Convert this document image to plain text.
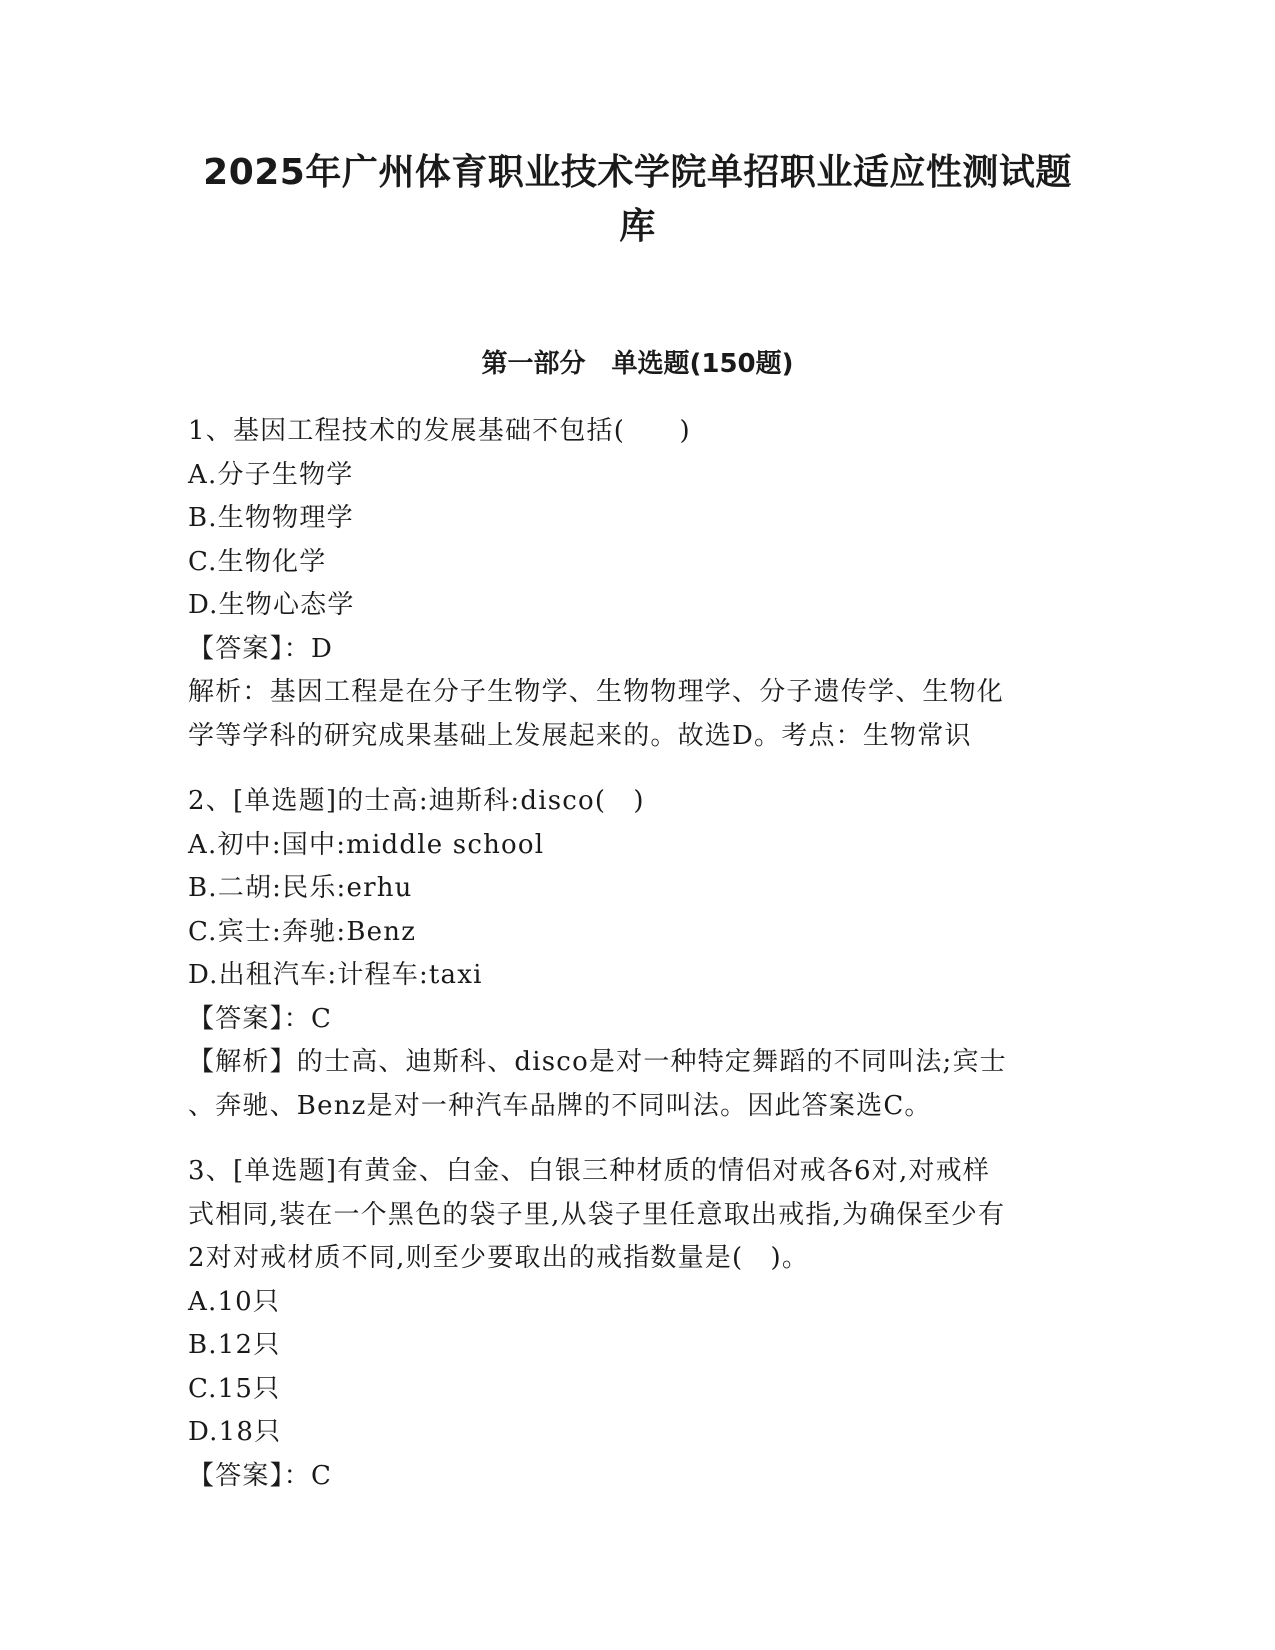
2025年广州体育职业技术学院单招职业适应性测试题
库
第一部分　单选题(150题)
1、基因工程技术的发展基础不包括(　　)
A.分子生物学
B.生物物理学
C.生物化学
D.生物心态学
【答案】：D
解析：基因工程是在分子生物学、生物物理学、分子遗传学、生物化
学等学科的研究成果基础上发展起来的。故选D。考点：生物常识
2、[单选题]的士高:迪斯科:disco(　)
A.初中:国中:middle school
B.二胡:民乐:erhu
C.宾士:奔驰:Benz
D.出租汽车:计程车:taxi
【答案】：C
【解析】的士高、迪斯科、disco是对一种特定舞蹈的不同叫法;宾士
、奔驰、Benz是对一种汽车品牌的不同叫法。因此答案选C。
3、[单选题]有黄金、白金、白银三种材质的情侣对戒各6对,对戒样
式相同,装在一个黑色的袋子里,从袋子里任意取出戒指,为确保至少有
2对对戒材质不同,则至少要取出的戒指数量是(　)。
A.10只
B.12只
C.15只
D.18只
【答案】：C
